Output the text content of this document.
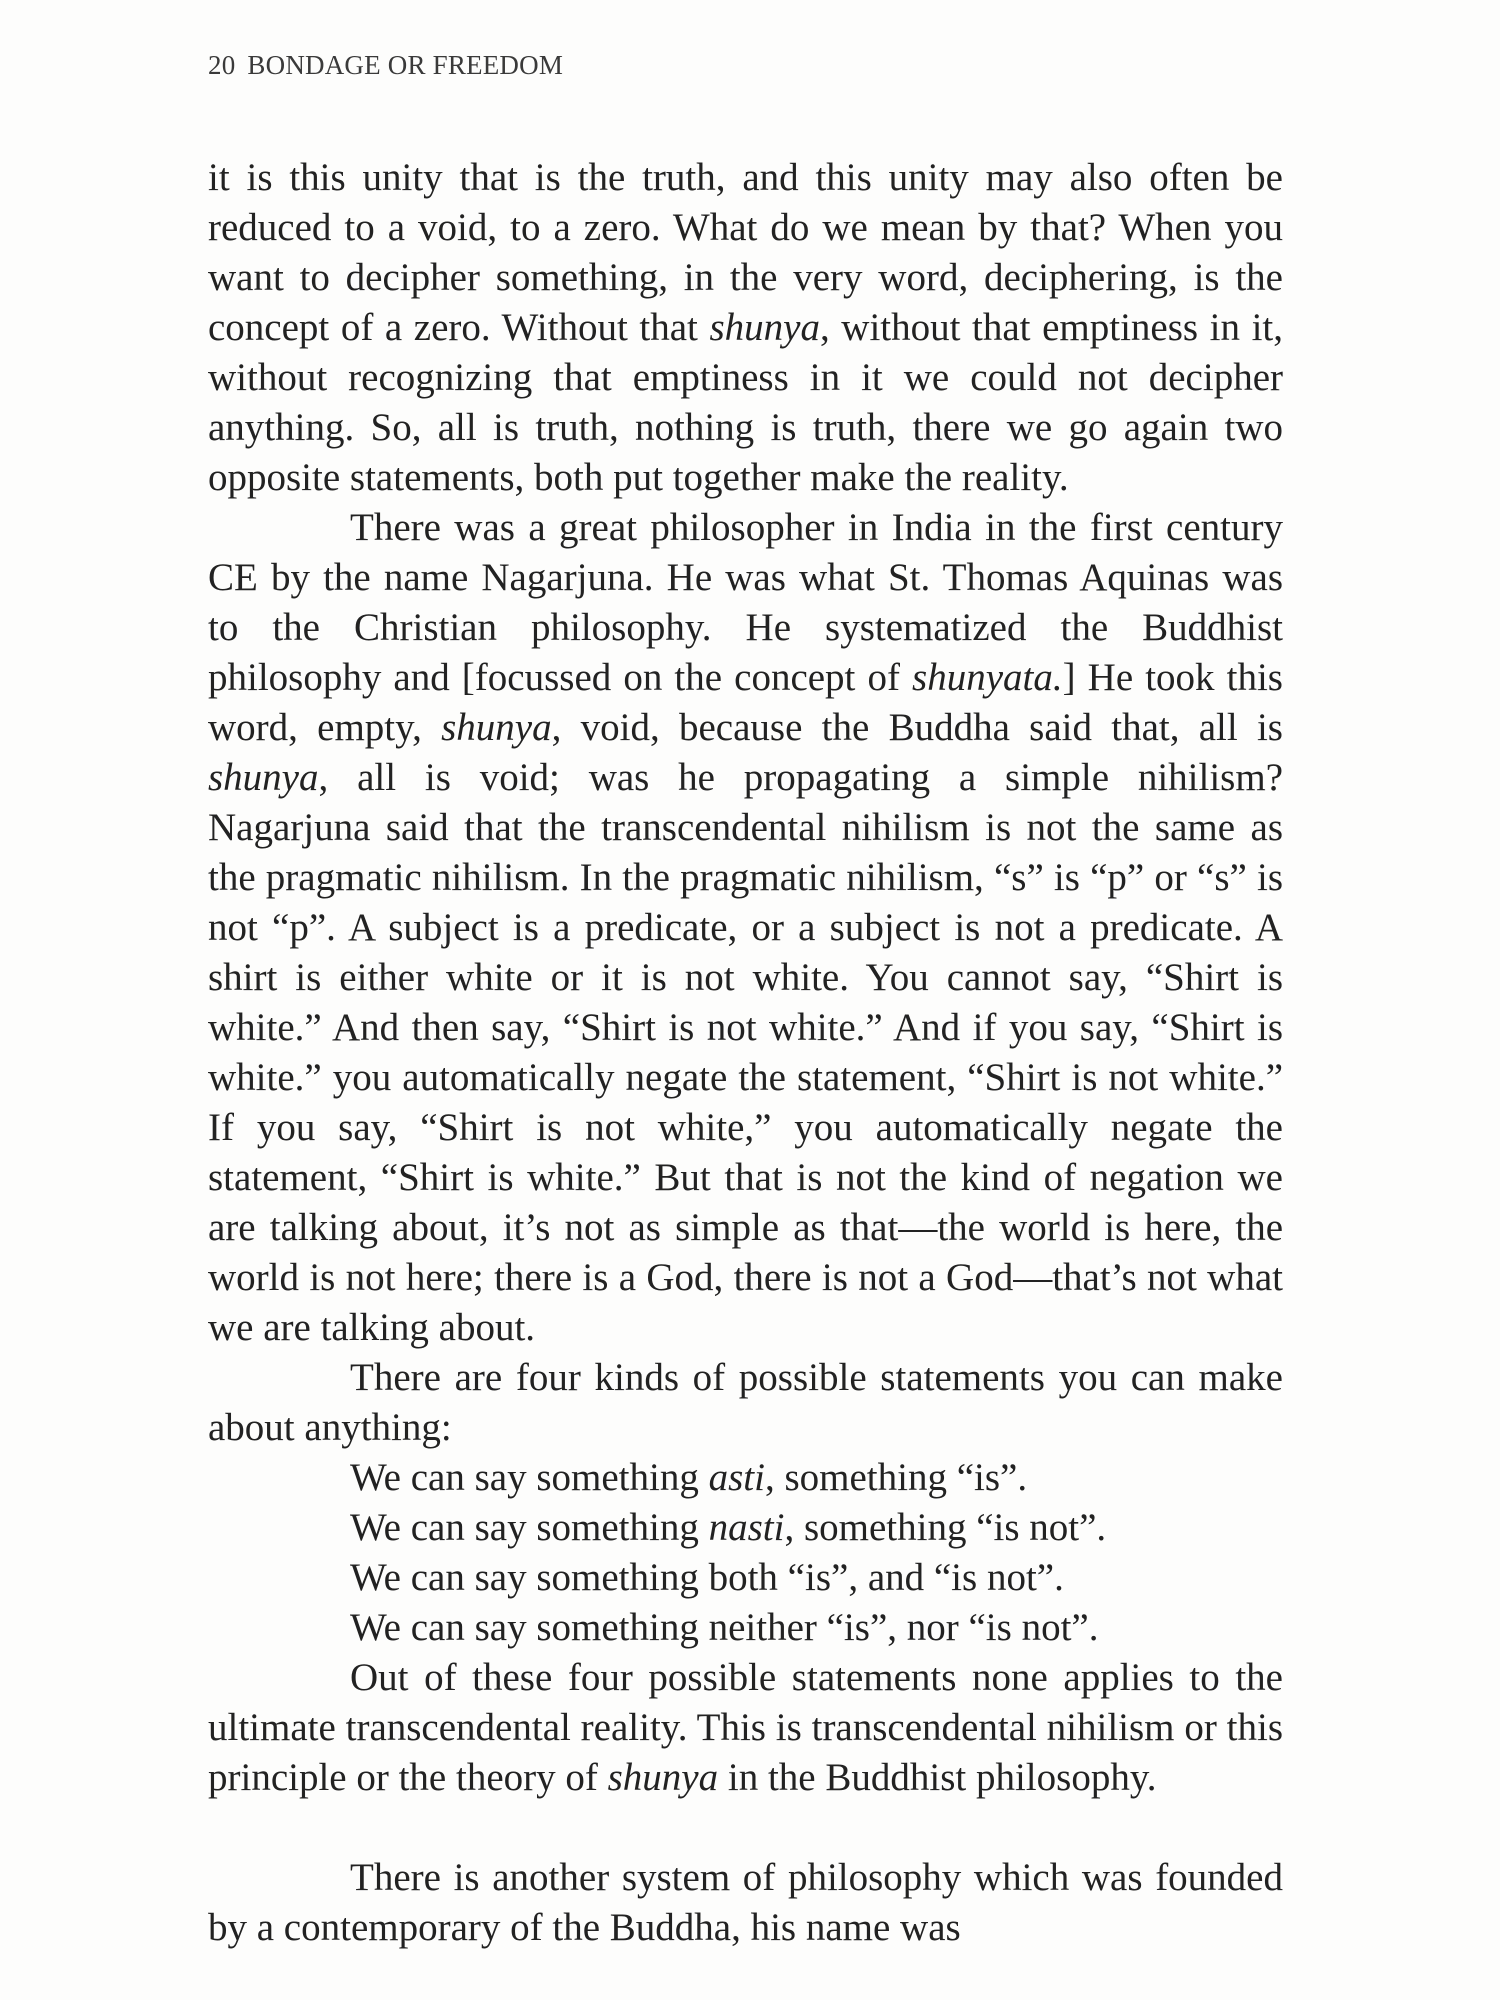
20 BONDAGE OR FREEDOM

it is this unity that is the truth, and this unity may also often be reduced to a void, to a zero. What do we mean by that? When you want to decipher something, in the very word, deciphering, is the concept of a zero. Without that shunya, without that emptiness in it, without recognizing that emptiness in it we could not decipher anything. So, all is truth, nothing is truth, there we go again two opposite statements, both put together make the reality.

There was a great philosopher in India in the first century CE by the name Nagarjuna. He was what St. Thomas Aquinas was to the Christian philosophy. He systematized the Buddhist philosophy and [focussed on the concept of shunyata.] He took this word, empty, shunya, void, because the Buddha said that, all is shunya, all is void; was he propagating a simple nihilism? Nagarjuna said that the transcendental nihilism is not the same as the pragmatic nihilism. In the pragmatic nihilism, “s” is “p” or “s” is not “p”. A subject is a predicate, or a subject is not a predicate. A shirt is either white or it is not white. You cannot say, “Shirt is white.” And then say, “Shirt is not white.” And if you say, “Shirt is white.” you automatically negate the statement, “Shirt is not white.” If you say, “Shirt is not white,” you automatically negate the statement, “Shirt is white.” But that is not the kind of negation we are talking about, it’s not as simple as that—the world is here, the world is not here; there is a God, there is not a God—that’s not what we are talking about.

There are four kinds of possible statements you can make about anything:

We can say something asti, something “is”.

We can say something nasti, something “is not”.

We can say something both “is”, and “is not”.

We can say something neither “is”, nor “is not”.

Out of these four possible statements none applies to the ultimate transcendental reality. This is transcendental nihilism or this principle or the theory of shunya in the Buddhist philosophy.

There is another system of philosophy which was founded by a contemporary of the Buddha, his name was
